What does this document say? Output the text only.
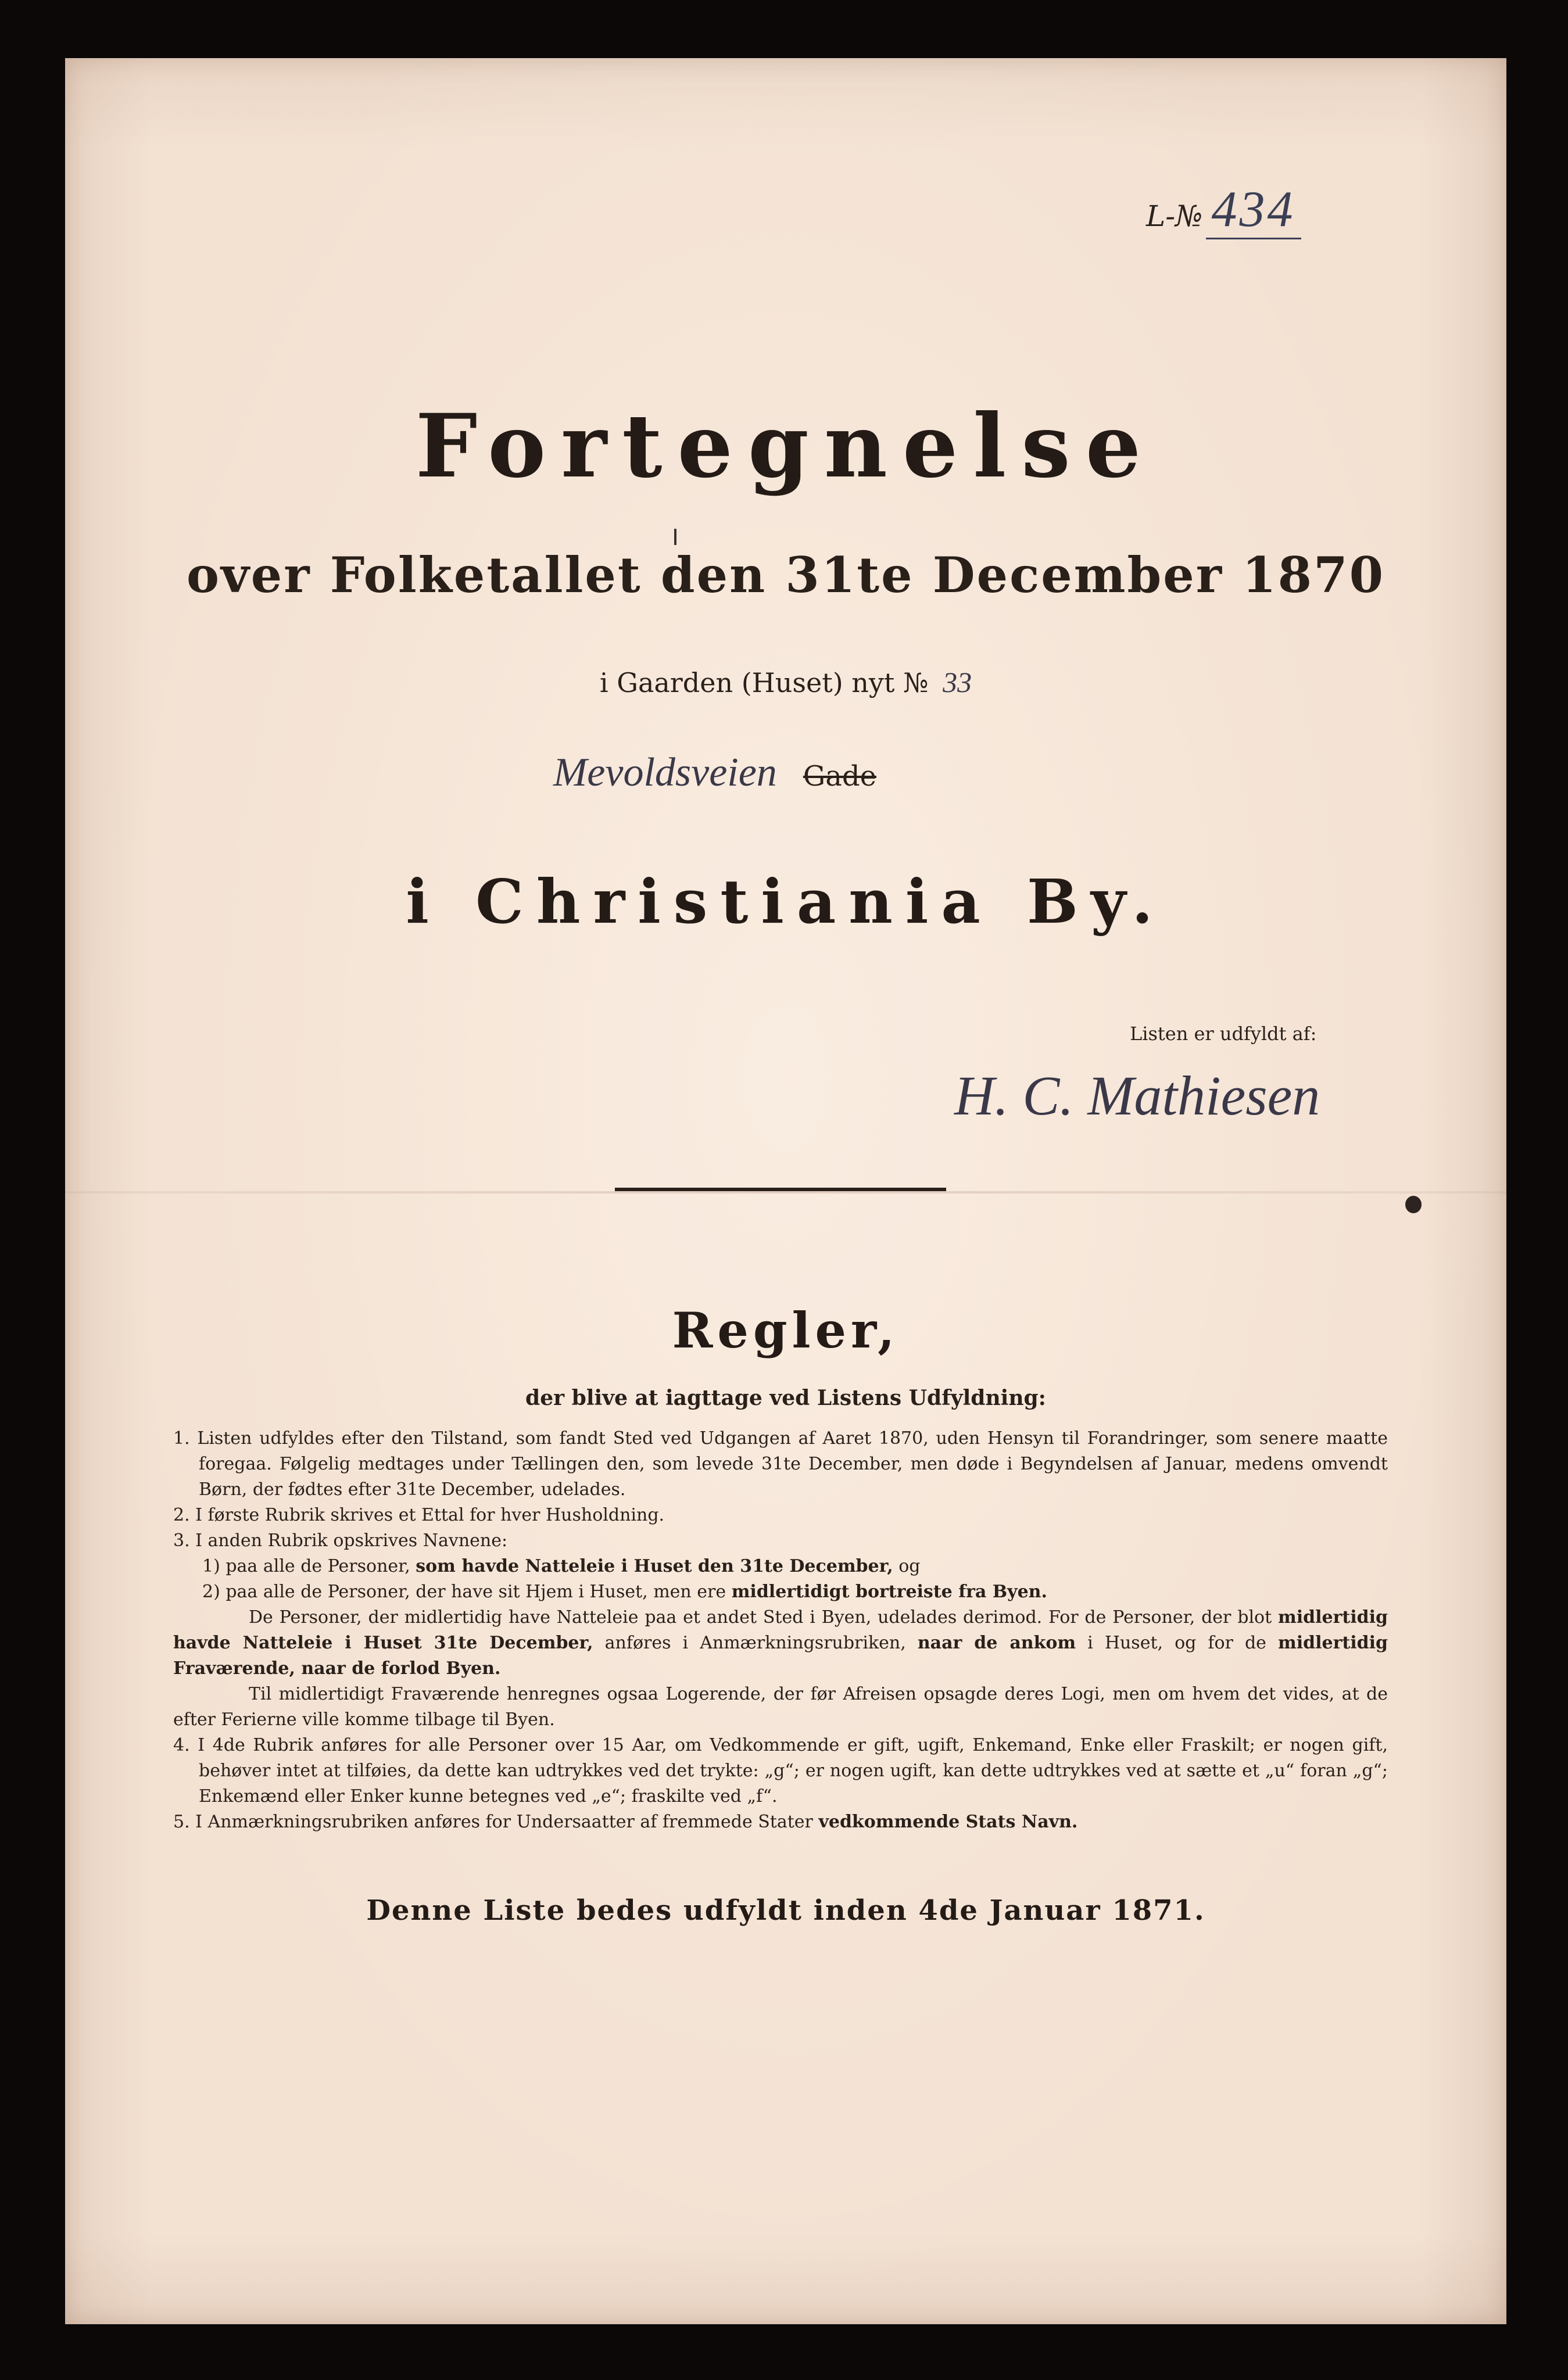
L-№ 434
Fortegnelse
over Folketallet den 31te December 1870
i Gaarden (Huset) nyt № 33
Mevoldsveien Gade
i Christiania By.
Listen er udfyldt af:
H. C. Mathiesen
Regler,
der blive at iagttage ved Listens Udfyldning:

1. Listen udfyldes efter den Tilstand, som fandt Sted ved Udgangen af Aaret 1870, uden Hensyn til Forandringer, som senere maatte foregaa. Følgelig medtages under Tællingen den, som levede 31te December, men døde i Begyndelsen af Januar, medens omvendt Børn, der fødtes efter 31te December, udelades.

2. I første Rubrik skrives et Ettal for hver Husholdning.

3. I anden Rubrik opskrives Navnene:

1) paa alle de Personer, som havde Natteleie i Huset den 31te December, og

2) paa alle de Personer, der have sit Hjem i Huset, men ere midlertidigt bortreiste fra Byen.

De Personer, der midlertidig have Natteleie paa et andet Sted i Byen, udelades derimod. For de Personer, der blot midlertidig havde Natteleie i Huset 31te December, anføres i Anmærkningsrubriken, naar de ankom i Huset, og for de midlertidig Fraværende, naar de forlod Byen.

Til midlertidigt Fraværende henregnes ogsaa Logerende, der før Afreisen opsagde deres Logi, men om hvem det vides, at de efter Ferierne ville komme tilbage til Byen.

4. I 4de Rubrik anføres for alle Personer over 15 Aar, om Vedkommende er gift, ugift, Enkemand, Enke eller Fraskilt; er nogen gift, behøver intet at tilføies, da dette kan udtrykkes ved det trykte: „g“; er nogen ugift, kan dette udtrykkes ved at sætte et „u“ foran „g“; Enkemænd eller Enker kunne betegnes ved „e“; fraskilte ved „f“.

5. I Anmærkningsrubriken anføres for Undersaatter af fremmede Stater vedkommende Stats Navn.

Denne Liste bedes udfyldt inden 4de Januar 1871.
